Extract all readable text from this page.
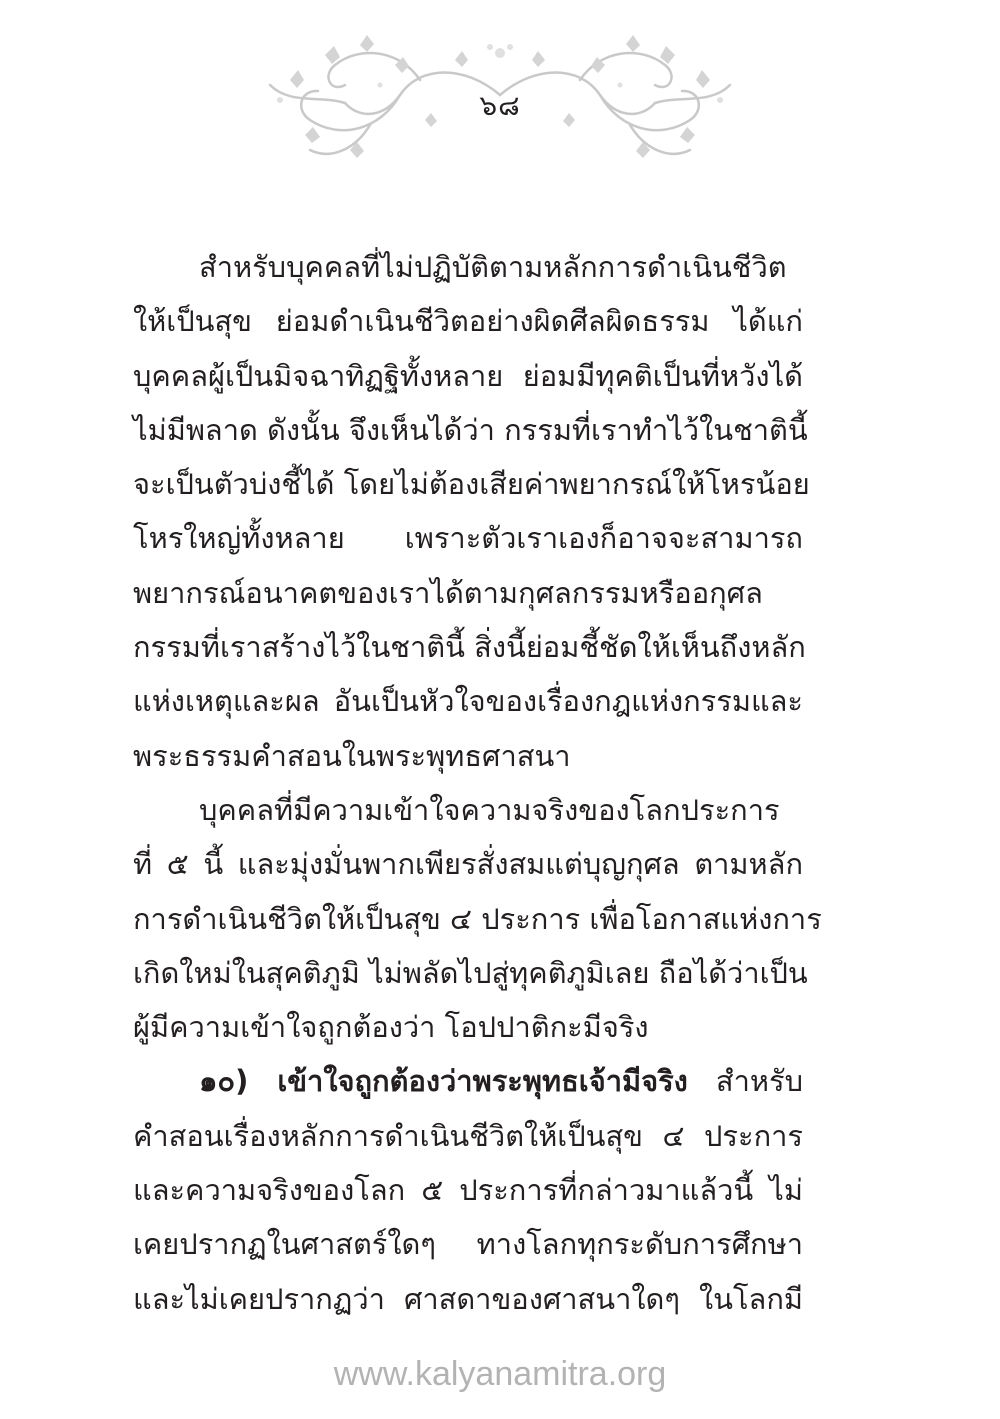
๖๘
สำหรับบุคคลที่ไม่ปฏิบัติตามหลักการดำเนินชีวิต
ให้เป็นสุข ย่อมดำเนินชีวิตอย่างผิดศีลผิดธรรม ได้แก่
บุคคลผู้เป็นมิจฉาทิฏฐิทั้งหลาย ย่อมมีทุคติเป็นที่หวังได้
ไม่มีพลาด ดังนั้น จึงเห็นได้ว่า กรรมที่เราทำไว้ในชาตินี้
จะเป็นตัวบ่งชี้ได้ โดยไม่ต้องเสียค่าพยากรณ์ให้โหรน้อย
โหรใหญ่ทั้งหลาย เพราะตัวเราเองก็อาจจะสามารถ
พยากรณ์อนาคตของเราได้ตามกุศลกรรมหรืออกุศล
กรรมที่เราสร้างไว้ในชาตินี้ สิ่งนี้ย่อมชี้ชัดให้เห็นถึงหลัก
แห่งเหตุและผล อันเป็นหัวใจของเรื่องกฎแห่งกรรมและ
พระธรรมคำสอนในพระพุทธศาสนา
บุคคลที่มีความเข้าใจความจริงของโลกประการ
ที่ ๕ นี้ และมุ่งมั่นพากเพียรสั่งสมแต่บุญกุศล ตามหลัก
การดำเนินชีวิตให้เป็นสุข ๔ ประการ เพื่อโอกาสแห่งการ
เกิดใหม่ในสุคติภูมิ ไม่พลัดไปสู่ทุคติภูมิเลย ถือได้ว่าเป็น
ผู้มีความเข้าใจถูกต้องว่า โอปปาติกะมีจริง
๑๐) เข้าใจถูกต้องว่าพระพุทธเจ้ามีจริง สำหรับ
คำสอนเรื่องหลักการดำเนินชีวิตให้เป็นสุข ๔ ประการ
และความจริงของโลก ๕ ประการที่กล่าวมาแล้วนี้ ไม่
เคยปรากฏในศาสตร์ใดๆ ทางโลกทุกระดับการศึกษา
และไม่เคยปรากฏว่า ศาสดาของศาสนาใดๆ ในโลกมี
www.kalyanamitra.org
